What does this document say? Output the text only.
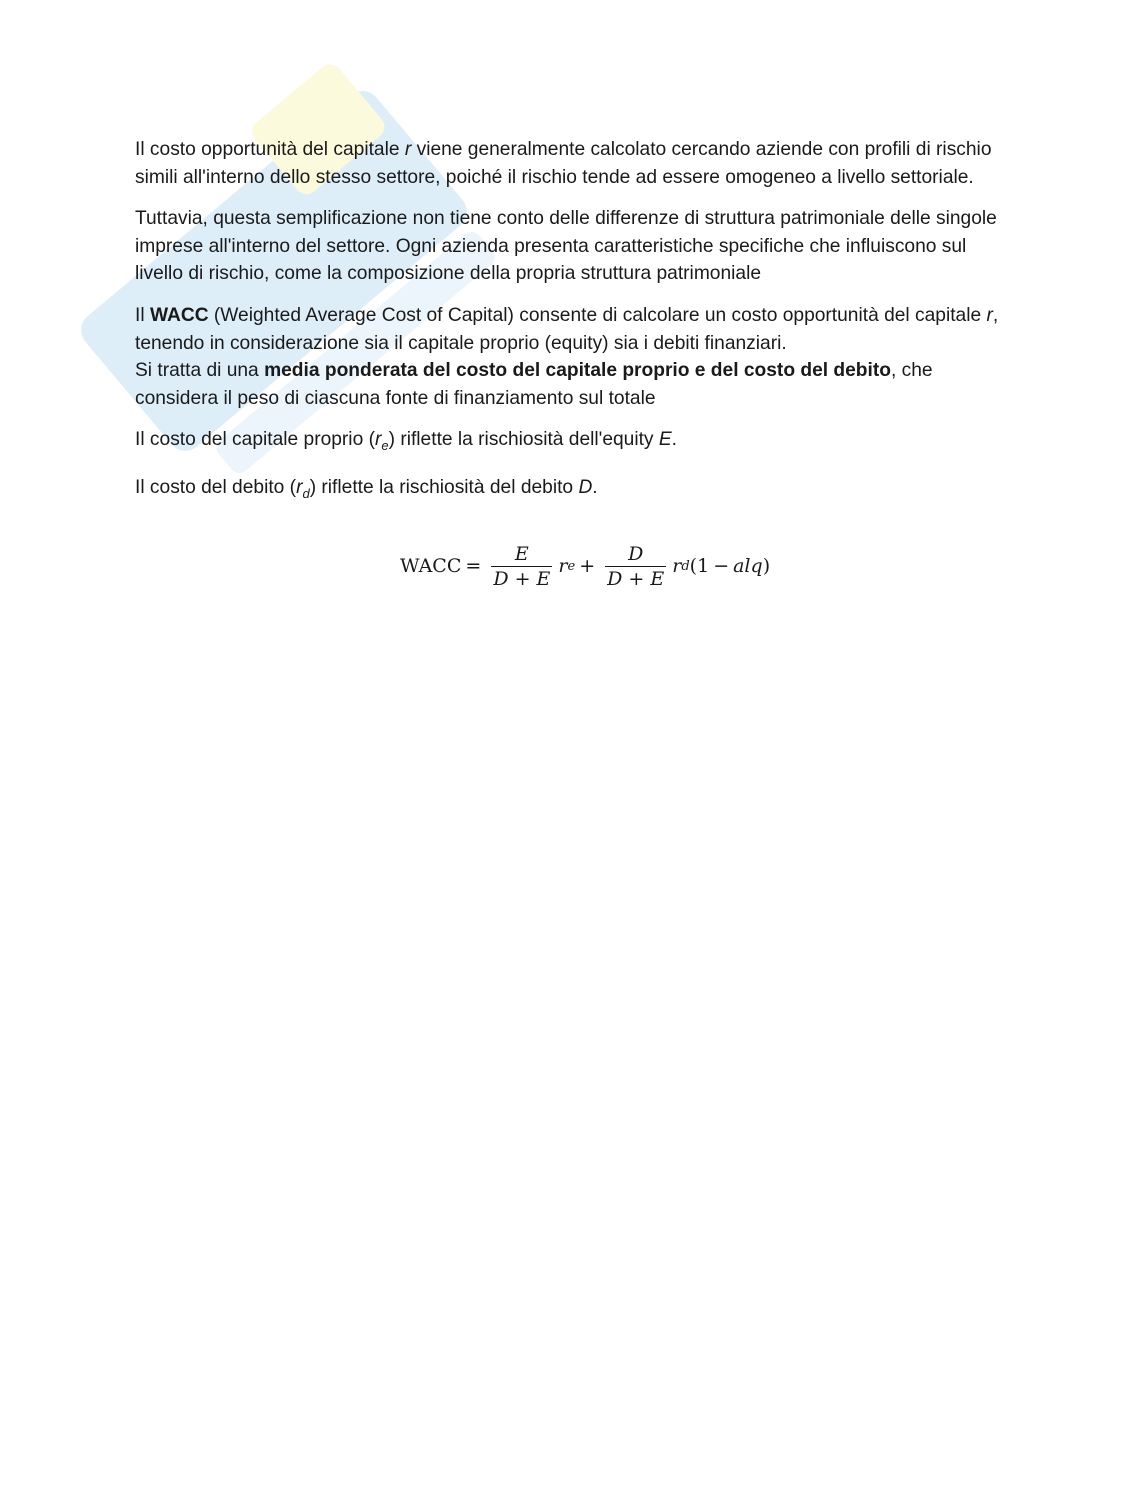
Il costo opportunità del capitale r viene generalmente calcolato cercando aziende con profili di rischio simili all'interno dello stesso settore, poiché il rischio tende ad essere omogeneo a livello settoriale.

Tuttavia, questa semplificazione non tiene conto delle differenze di struttura patrimoniale delle singole imprese all'interno del settore. Ogni azienda presenta caratteristiche specifiche che influiscono sul livello di rischio, come la composizione della propria struttura patrimoniale

Il WACC (Weighted Average Cost of Capital) consente di calcolare un costo opportunità del capitale r, tenendo in considerazione sia il capitale proprio (equity) sia i debiti finanziari.

Si tratta di una media ponderata del costo del capitale proprio e del costo del debito, che considera il peso di ciascuna fonte di finanziamento sul totale

Il costo del capitale proprio $(r_e)$ riflette la rischiosità dell'equity E.

Il costo del debito $(r_d)$ riflette la rischiosità del debito D.

WACC = $\frac{E}{D + E}$ r $e + \frac{D}{D + E}$ r d (1 − alq )
